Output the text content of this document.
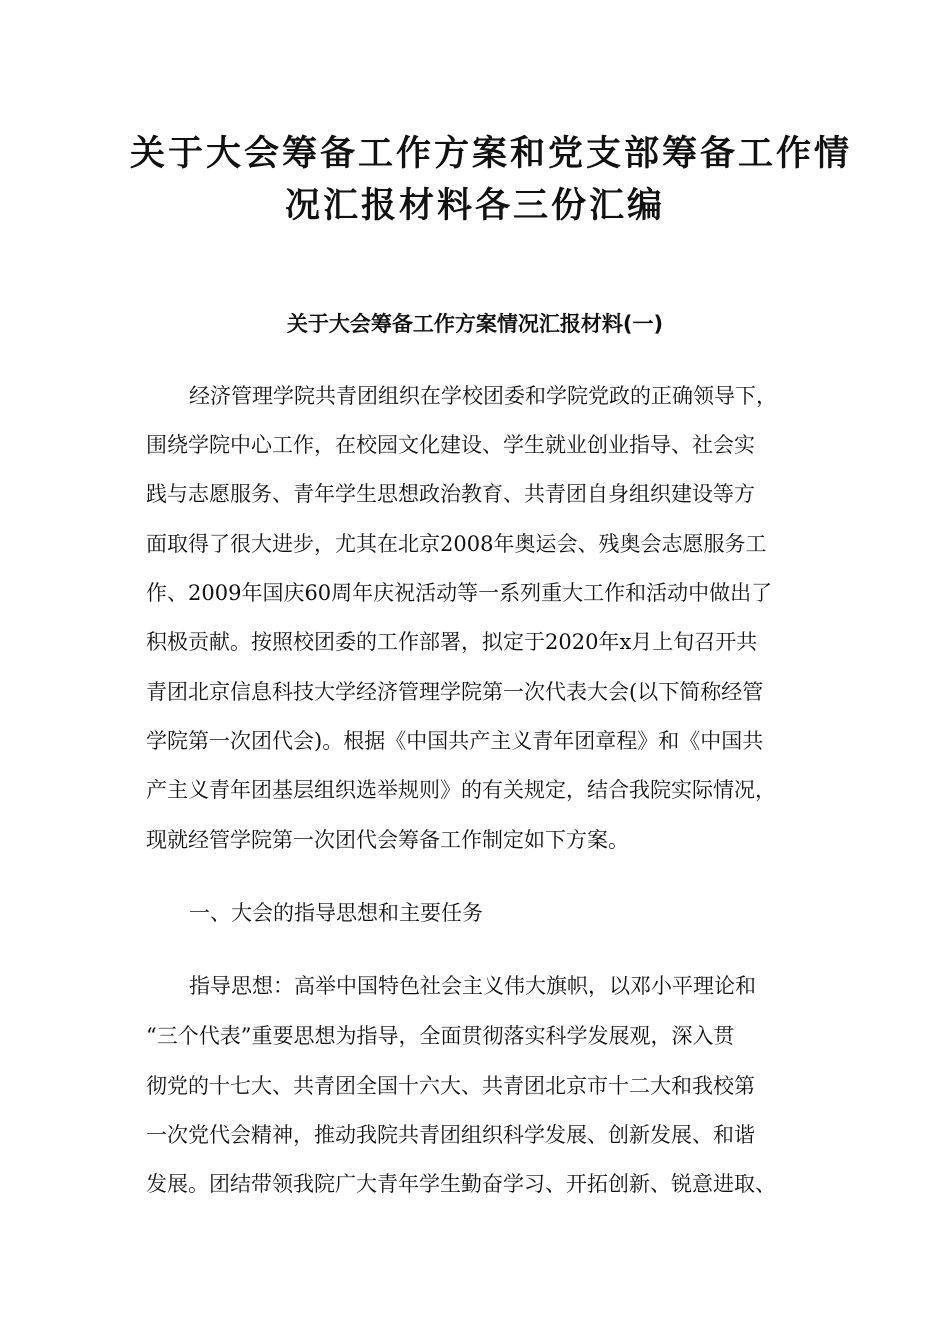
关于大会筹备工作方案和党支部筹备工作情
况汇报材料各三份汇编
关于大会筹备工作方案情况汇报材料(一)
经济管理学院共青团组织在学校团委和学院党政的正确领导下，
围绕学院中心工作，在校园文化建设、学生就业创业指导、社会实
践与志愿服务、青年学生思想政治教育、共青团自身组织建设等方
面取得了很大进步，尤其在北京2008年奥运会、残奥会志愿服务工
作、2009年国庆60周年庆祝活动等一系列重大工作和活动中做出了
积极贡献。按照校团委的工作部署，拟定于2020年x月上旬召开共
青团北京信息科技大学经济管理学院第一次代表大会(以下简称经管
学院第一次团代会)。根据《中国共产主义青年团章程》和《中国共
产主义青年团基层组织选举规则》的有关规定，结合我院实际情况，
现就经管学院第一次团代会筹备工作制定如下方案。
一、大会的指导思想和主要任务
指导思想：高举中国特色社会主义伟大旗帜，以邓小平理论和
“三个代表”重要思想为指导，全面贯彻落实科学发展观，深入贯
彻党的十七大、共青团全国十六大、共青团北京市十二大和我校第
一次党代会精神，推动我院共青团组织科学发展、创新发展、和谐
发展。团结带领我院广大青年学生勤奋学习、开拓创新、锐意进取、
